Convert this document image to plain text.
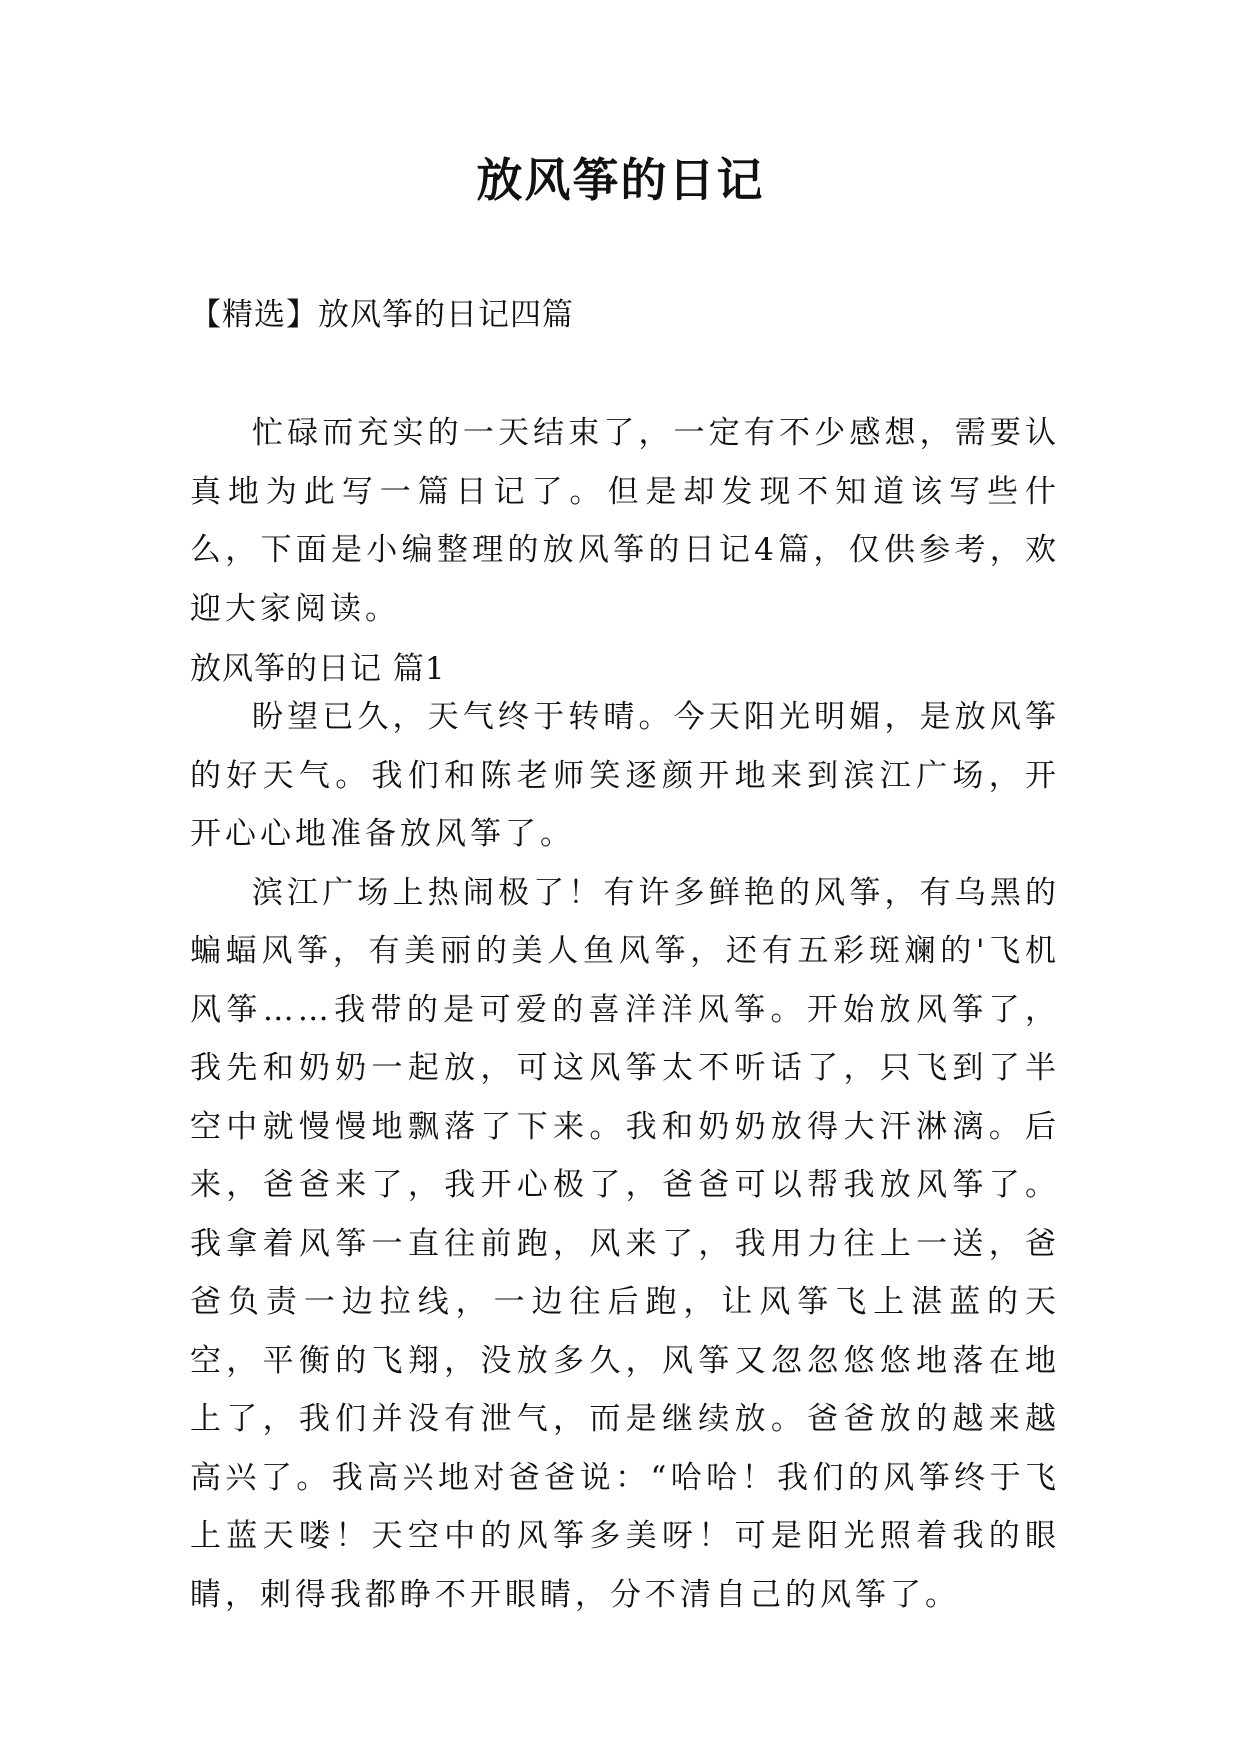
放风筝的日记
【精选】放风筝的日记四篇

忙碌而充实的一天结束了，一定有不少感想，需要认真地为此写一篇日记了。但是却发现不知道该写些什么，下面是小编整理的放风筝的日记4篇，仅供参考，欢迎大家阅读。

放风筝的日记 篇1

盼望已久，天气终于转晴。今天阳光明媚，是放风筝的好天气。我们和陈老师笑逐颜开地来到滨江广场，开开心心地准备放风筝了。

滨江广场上热闹极了！有许多鲜艳的风筝，有乌黑的蝙蝠风筝，有美丽的美人鱼风筝，还有五彩斑斓的'飞机风筝……我带的是可爱的喜洋洋风筝。开始放风筝了，我先和奶奶一起放，可这风筝太不听话了，只飞到了半空中就慢慢地飘落了下来。我和奶奶放得大汗淋漓。后来，爸爸来了，我开心极了，爸爸可以帮我放风筝了。我拿着风筝一直往前跑，风来了，我用力往上一送，爸爸负责一边拉线，一边往后跑，让风筝飞上湛蓝的天空，平衡的飞翔，没放多久，风筝又忽忽悠悠地落在地上了，我们并没有泄气，而是继续放。爸爸放的越来越高兴了。我高兴地对爸爸说：“哈哈！我们的风筝终于飞上蓝天喽！天空中的风筝多美呀！可是阳光照着我的眼睛，刺得我都睁不开眼睛，分不清自己的风筝了。
